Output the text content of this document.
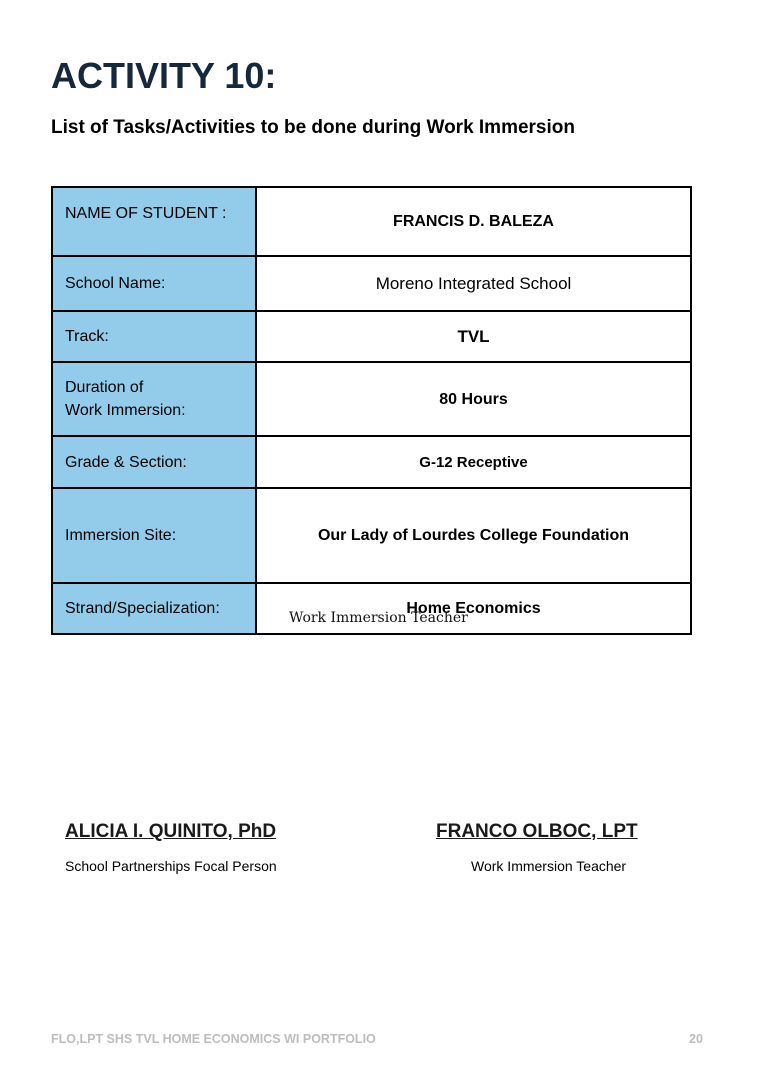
ACTIVITY 10:
List of Tasks/Activities to be done during Work Immersion
NAME OF STUDENT :	FRANCIS D. BALEZA
School Name:	Moreno Integrated School
Track:	TVL

Duration of
Work Immersion:	80 Hours
Grade & Section:	G-12 Receptive
Immersion Site:	Our Lady of Lourdes College Foundation
Strand/Specialization:	Home Economics
Work Immersion Teacher
ALICIA I. QUINITO, PhD
School Partnerships Focal Person
FRANCO OLBOC, LPT
Work Immersion Teacher
FLO,LPT SHS TVL HOME ECONOMICS WI PORTFOLIO	20
